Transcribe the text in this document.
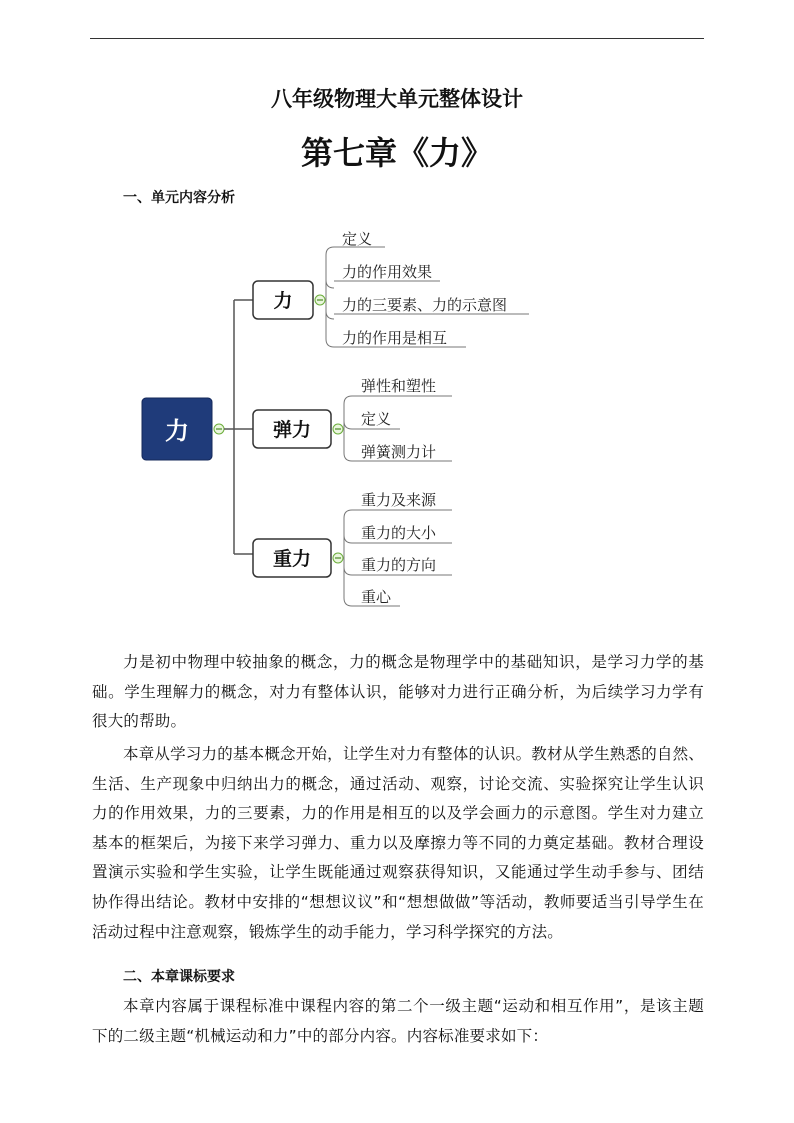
八年级物理大单元整体设计
第七章《力》
一、单元内容分析
力
力
定义
力的作用效果
力的三要素、力的示意图
力的作用是相互
弹力
弹性和塑性
定义
弹簧测力计
重力
重力及来源
重力的大小
重力的方向
重心

力是初中物理中较抽象的概念，力的概念是物理学中的基础知识，是学习力学的基础。学生理解力的概念，对力有整体认识，能够对力进行正确分析，为后续学习力学有很大的帮助。

本章从学习力的基本概念开始，让学生对力有整体的认识。教材从学生熟悉的自然、生活、生产现象中归纳出力的概念，通过活动、观察，讨论交流、实验探究让学生认识力的作用效果，力的三要素，力的作用是相互的以及学会画力的示意图。学生对力建立基本的框架后，为接下来学习弹力、重力以及摩擦力等不同的力奠定基础。教材合理设置演示实验和学生实验，让学生既能通过观察获得知识，又能通过学生动手参与、团结协作得出结论。教材中安排的“想想议议”和“想想做做”等活动，教师要适当引导学生在活动过程中注意观察，锻炼学生的动手能力，学习科学探究的方法。

二、本章课标要求

本章内容属于课程标准中课程内容的第二个一级主题“运动和相互作用”，是该主题下的二级主题“机械运动和力”中的部分内容。内容标准要求如下：
